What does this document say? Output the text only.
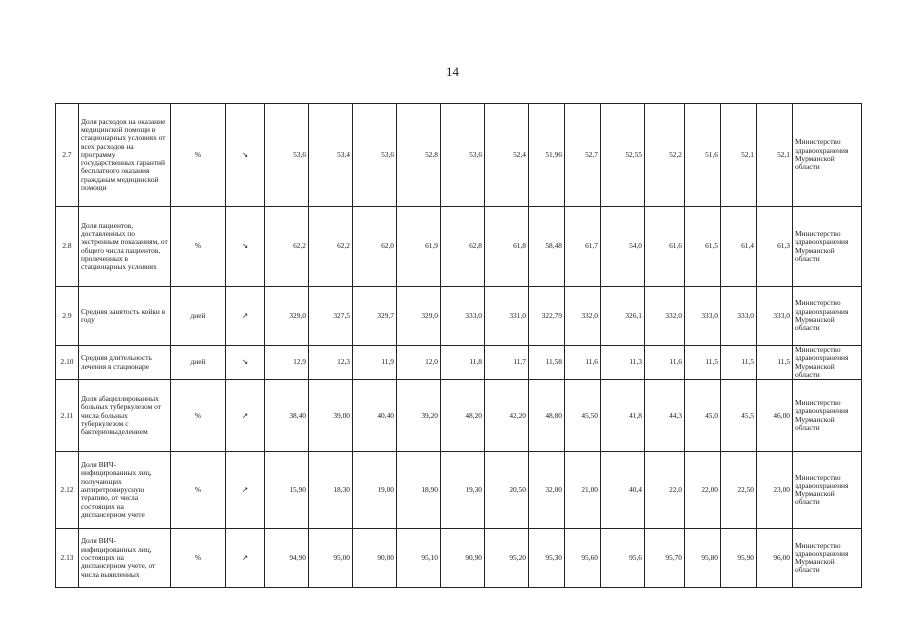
14
2.7	Доля расходов на оказание медицинской помощи в стационарных условиях от всех расходов на программу государственных гарантий бесплатного оказания гражданам медицинской помощи	%	↘	53,6	53,4	53,6	52,8	53,6	52,4	51,96	52,7	52,55	52,2	51,6	52,1	52,1	Министерство здравоохранения Мурманской области
2.8	Доля пациентов, доставленных по экстренным показаниям, от общего числа пациентов, пролеченных в стационарных условиях	%	↘	62,2	62,2	62,0	61,9	62,8	61,8	58,48	61,7	54,0	61,6	61,5	61,4	61,3	Министерство здравоохранения Мурманской области
2.9	Средняя занятость койки в году	дней	↗	329,0	327,5	329,7	329,0	333,0	331,0	322,79	332,0	326,1	332,0	333,0	333,0	333,0	Министерство здравоохранения Мурманской области
2.10	Средняя длительность лечения в стационаре	дней	↘	12,9	12,3	11,9	12,0	11,8	11,7	11,58	11,6	11,3	11,6	11,5	11,5	11,5	Министерство здравоохранения Мурманской области
2.11	Доля абациллированных больных туберкулезом от числа больных туберкулезом с бактериовыделением	%	↗	38,40	39,00	40,40	39,20	48,20	42,20	48,80	45,50	41,8	44,3	45,0	45,5	46,00	Министерство здравоохранения Мурманской области
2.12	Доля ВИЧ-инфицированных лиц, получающих антиретровирусную терапию, от числа состоящих на диспансерном учете	%	↗	15,90	18,30	19,00	18,90	19,30	20,50	32,00	21,00	40,4	22,0	22,00	22,50	23,00	Министерство здравоохранения Мурманской области
2.13	Доля ВИЧ-инфицированных лиц, состоящих на диспансерном учете, от числа выявленных	%	↗	94,90	95,00	90,00	95,10	90,90	95,20	95,30	95,60	95,6	95,70	95,80	95,90	96,00	Министерство здравоохранения Мурманской области
